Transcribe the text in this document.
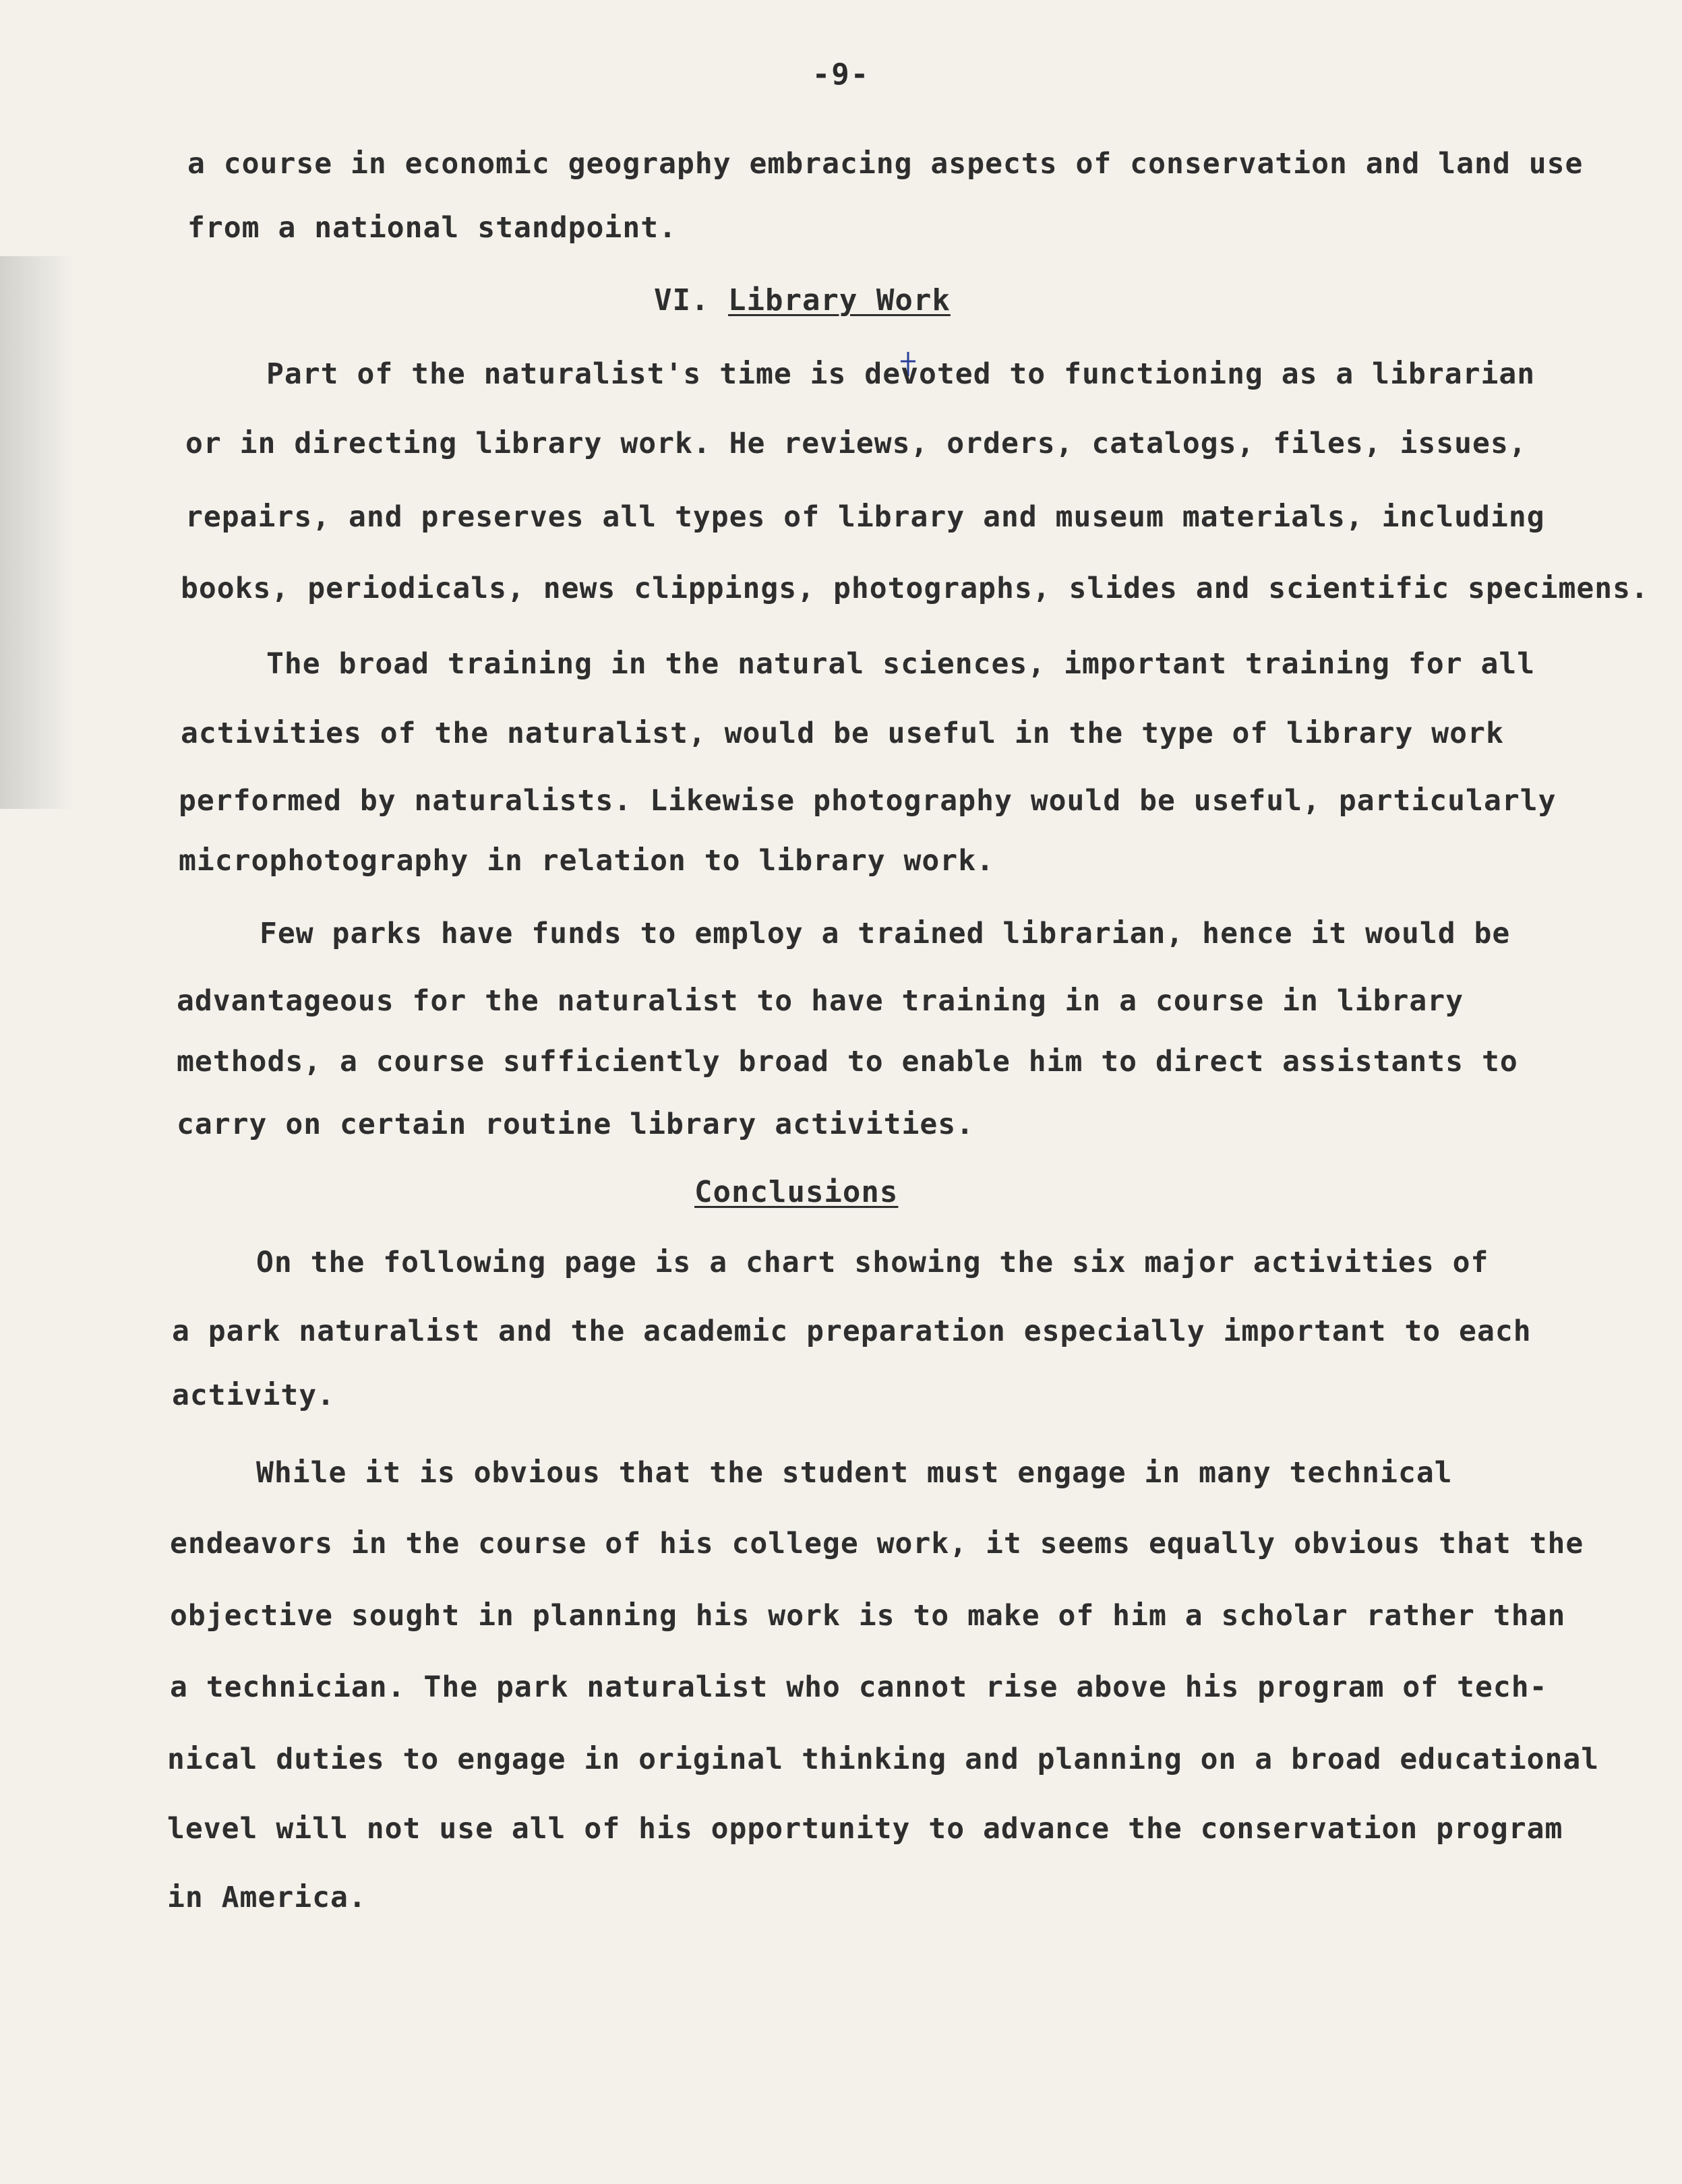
-9-
a course in economic geography embracing aspects of conservation and land use
from a national standpoint.
VI. Library Work
Part of the naturalist's time is devoted to functioning as a librarian
or in directing library work. He reviews, orders, catalogs, files, issues,
repairs, and preserves all types of library and museum materials, including
books, periodicals, news clippings, photographs, slides and scientific specimens.
The broad training in the natural sciences, important training for all
activities of the naturalist, would be useful in the type of library work
performed by naturalists. Likewise photography would be useful, particularly
microphotography in relation to library work.
Few parks have funds to employ a trained librarian, hence it would be
advantageous for the naturalist to have training in a course in library
methods, a course sufficiently broad to enable him to direct assistants to
carry on certain routine library activities.
Conclusions
On the following page is a chart showing the six major activities of
a park naturalist and the academic preparation especially important to each
activity.
While it is obvious that the student must engage in many technical
endeavors in the course of his college work, it seems equally obvious that the
objective sought in planning his work is to make of him a scholar rather than
a technician. The park naturalist who cannot rise above his program of tech-
nical duties to engage in original thinking and planning on a broad educational
level will not use all of his opportunity to advance the conservation program
in America.
